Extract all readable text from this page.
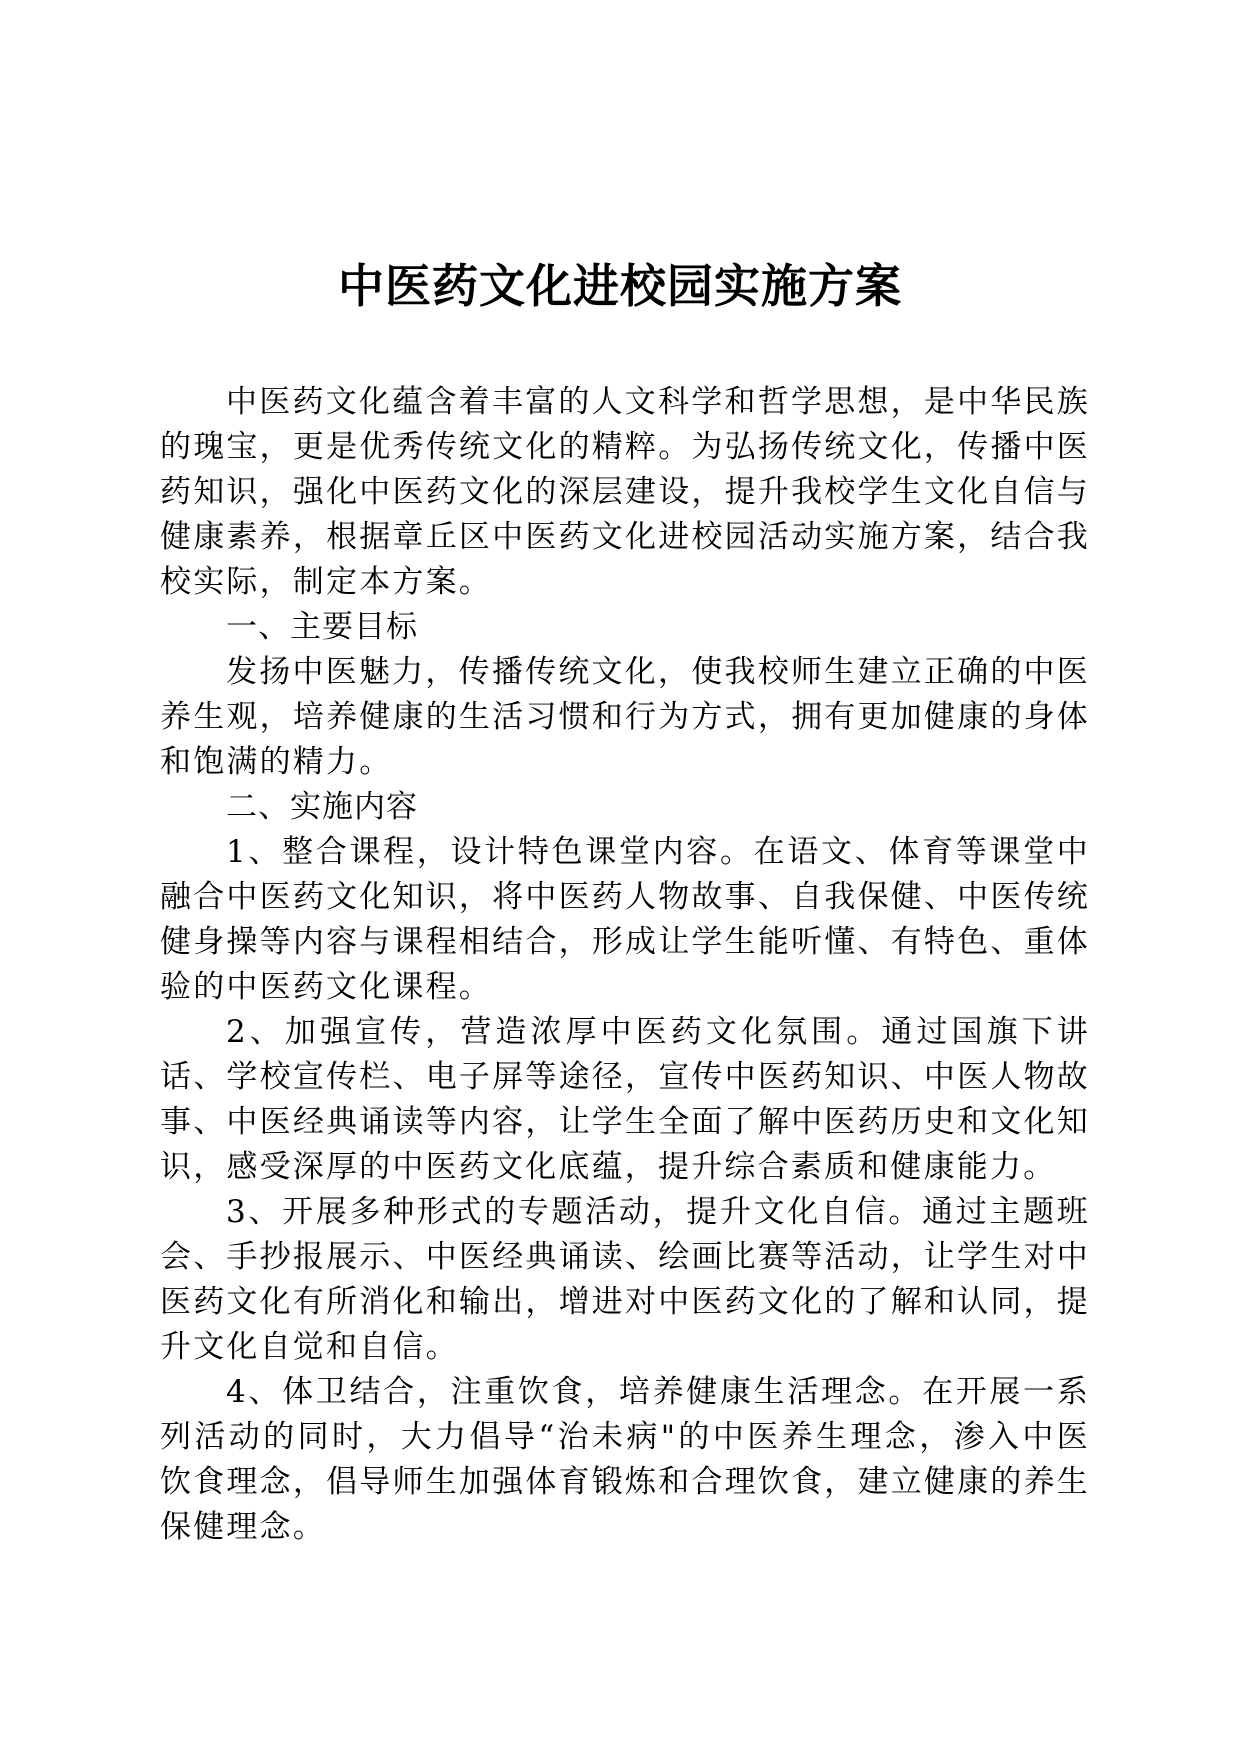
中医药文化进校园实施方案

中医药文化蕴含着丰富的人文科学和哲学思想，是中华民族的瑰宝，更是优秀传统文化的精粹。为弘扬传统文化，传播中医药知识，强化中医药文化的深层建设，提升我校学生文化自信与健康素养，根据章丘区中医药文化进校园活动实施方案，结合我校实际，制定本方案。

一、主要目标

发扬中医魅力，传播传统文化，使我校师生建立正确的中医养生观，培养健康的生活习惯和行为方式，拥有更加健康的身体和饱满的精力。

二、实施内容

1、整合课程，设计特色课堂内容。在语文、体育等课堂中融合中医药文化知识，将中医药人物故事、自我保健、中医传统健身操等内容与课程相结合，形成让学生能听懂、有特色、重体验的中医药文化课程。

2、加强宣传，营造浓厚中医药文化氛围。通过国旗下讲话、学校宣传栏、电子屏等途径，宣传中医药知识、中医人物故事、中医经典诵读等内容，让学生全面了解中医药历史和文化知识，感受深厚的中医药文化底蕴，提升综合素质和健康能力。

3、开展多种形式的专题活动，提升文化自信。通过主题班会、手抄报展示、中医经典诵读、绘画比赛等活动，让学生对中医药文化有所消化和输出，增进对中医药文化的了解和认同，提升文化自觉和自信。

4、体卫结合，注重饮食，培养健康生活理念。在开展一系列活动的同时，大力倡导“治未病"的中医养生理念，渗入中医饮食理念，倡导师生加强体育锻炼和合理饮食，建立健康的养生保健理念。
